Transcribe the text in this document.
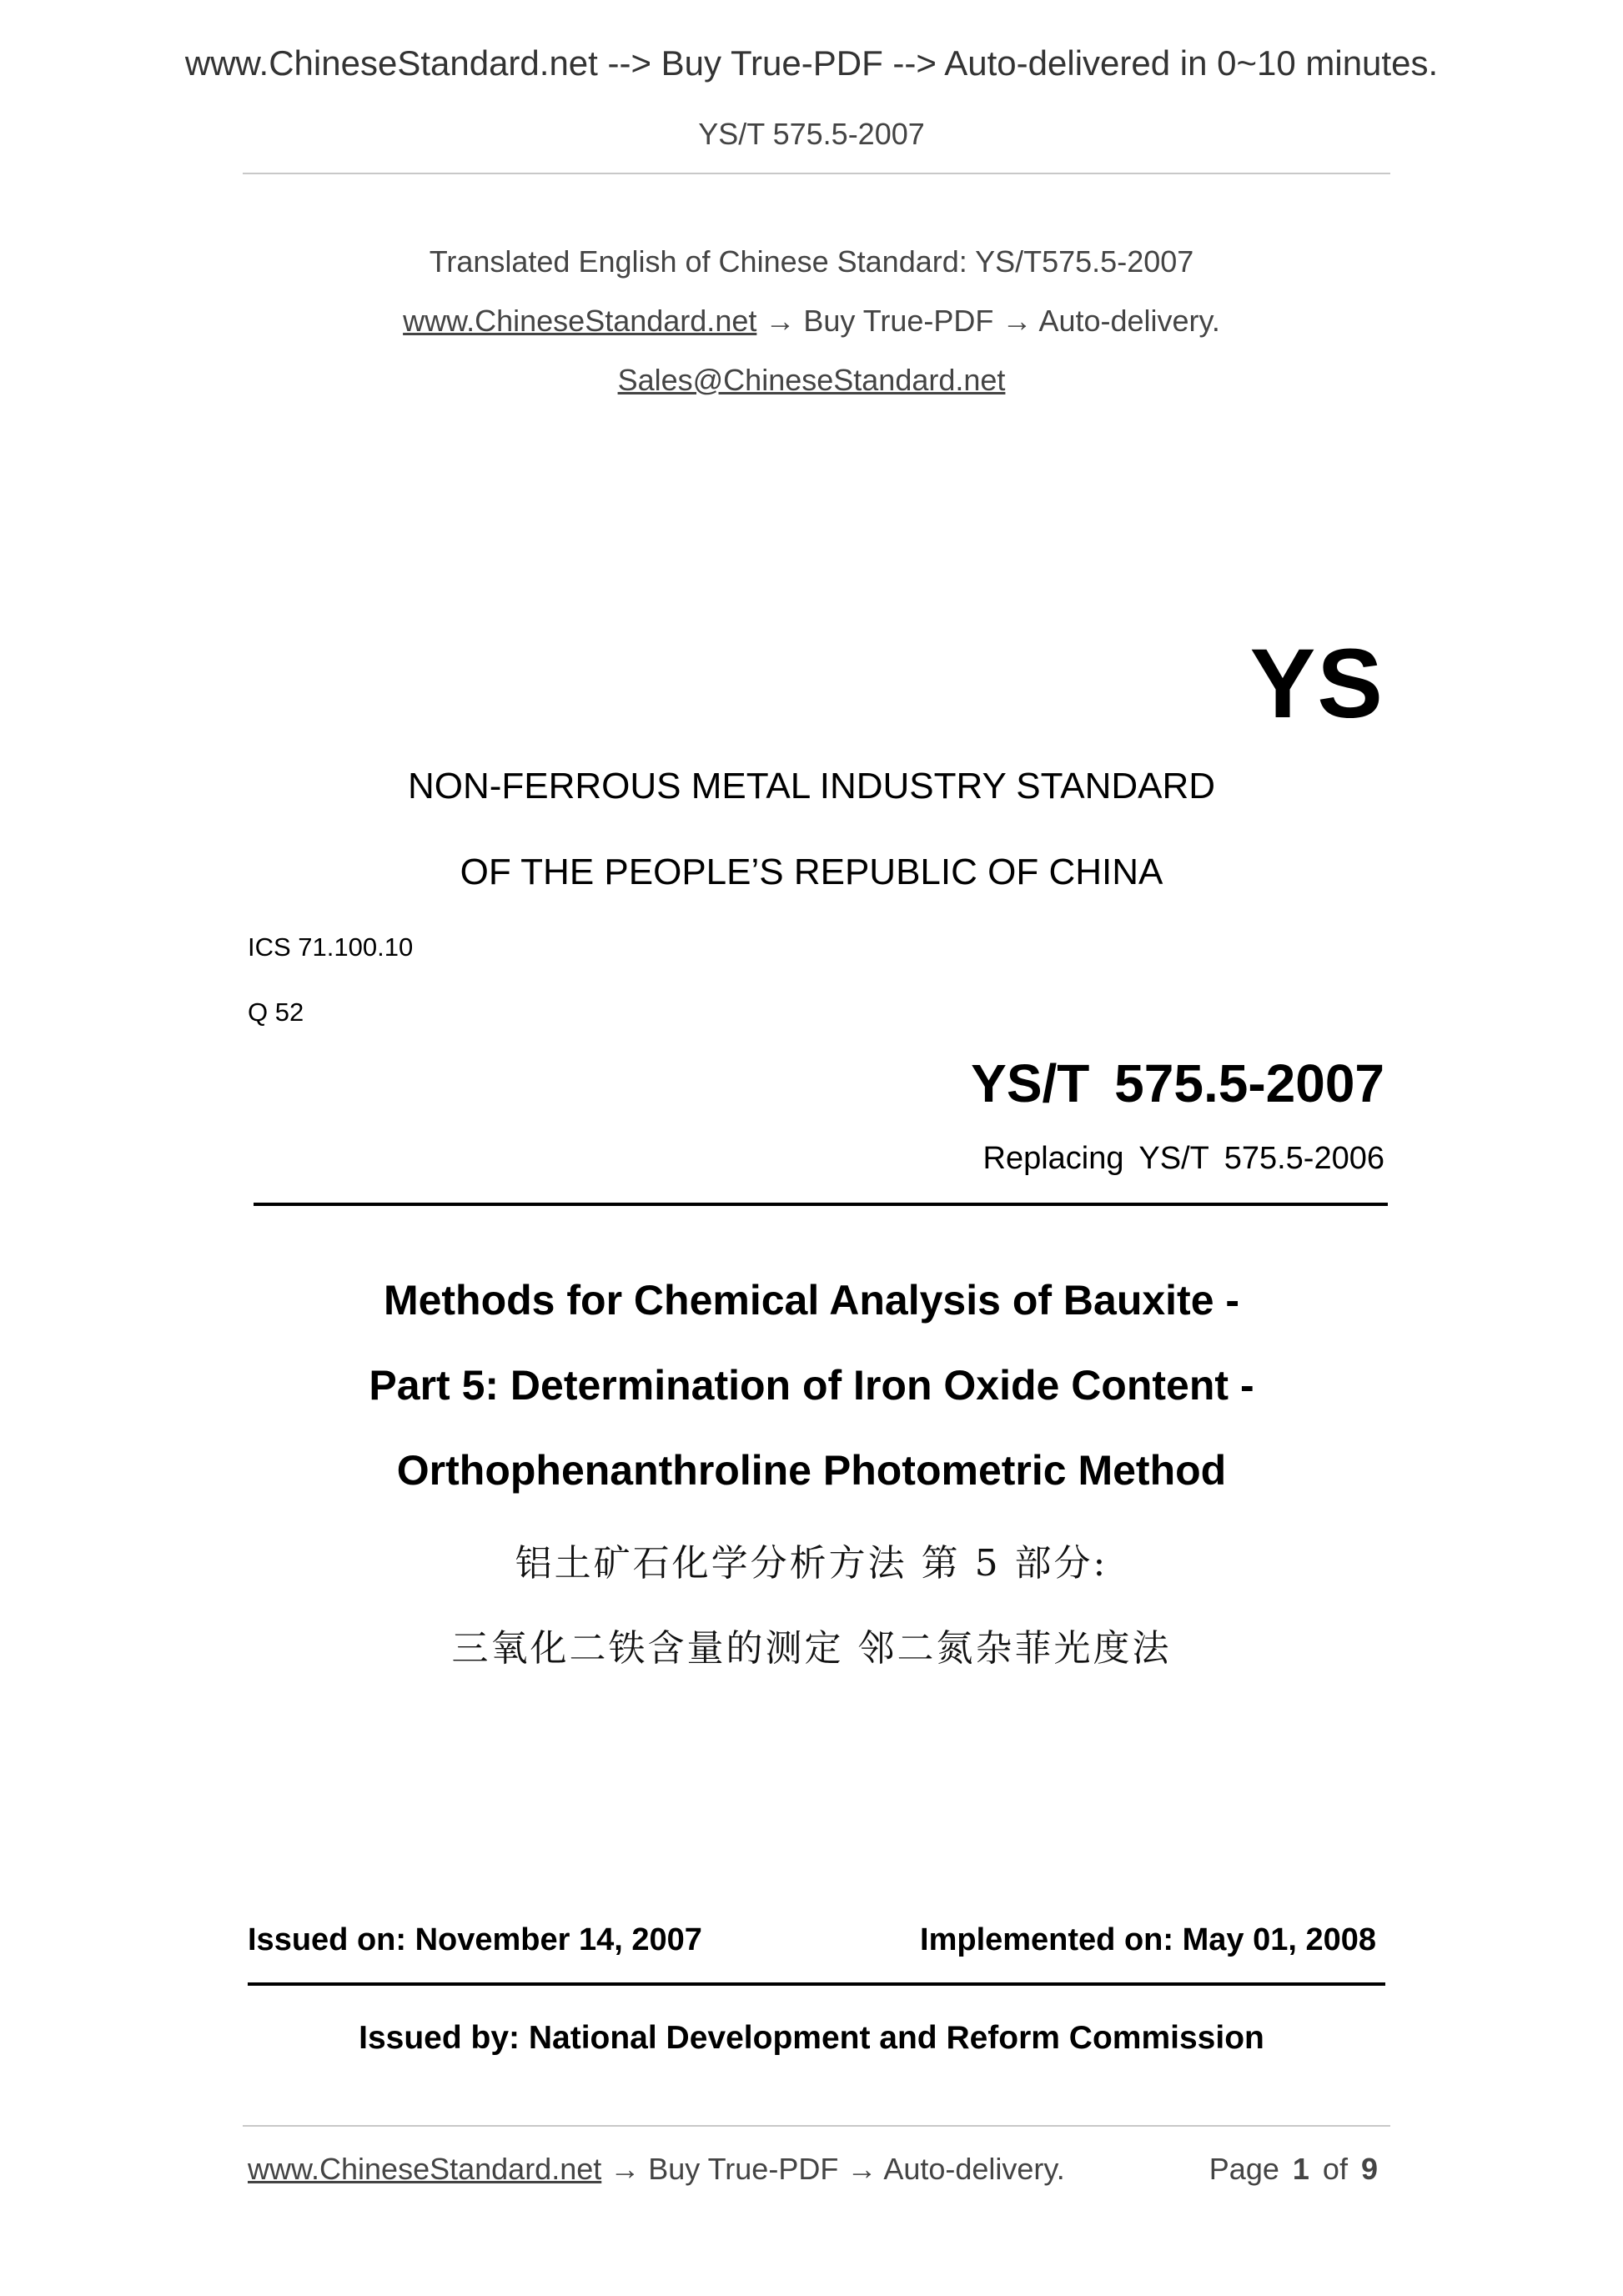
www.ChineseStandard.net --> Buy True-PDF --> Auto-delivered in 0~10 minutes.
YS/T 575.5-2007
Translated English of Chinese Standard: YS/T575.5-2007
www.ChineseStandard.net → Buy True-PDF → Auto-delivery.
Sales@ChineseStandard.net
YS
NON-FERROUS METAL INDUSTRY STANDARD
OF THE PEOPLE’S REPUBLIC OF CHINA
ICS 71.100.10
Q 52
YS/T 575.5-2007
Replacing YS/T 575.5-2006
Methods for Chemical Analysis of Bauxite -
Part 5: Determination of Iron Oxide Content -
Orthophenanthroline Photometric Method
铝土矿石化学分析方法 第 5 部分:
三氧化二铁含量的测定 邻二氮杂菲光度法
Issued on: November 14, 2007	Implemented on: May 01, 2008
Issued by: National Development and Reform Commission
www.ChineseStandard.net → Buy True-PDF → Auto-delivery.	Page 1 of 9
